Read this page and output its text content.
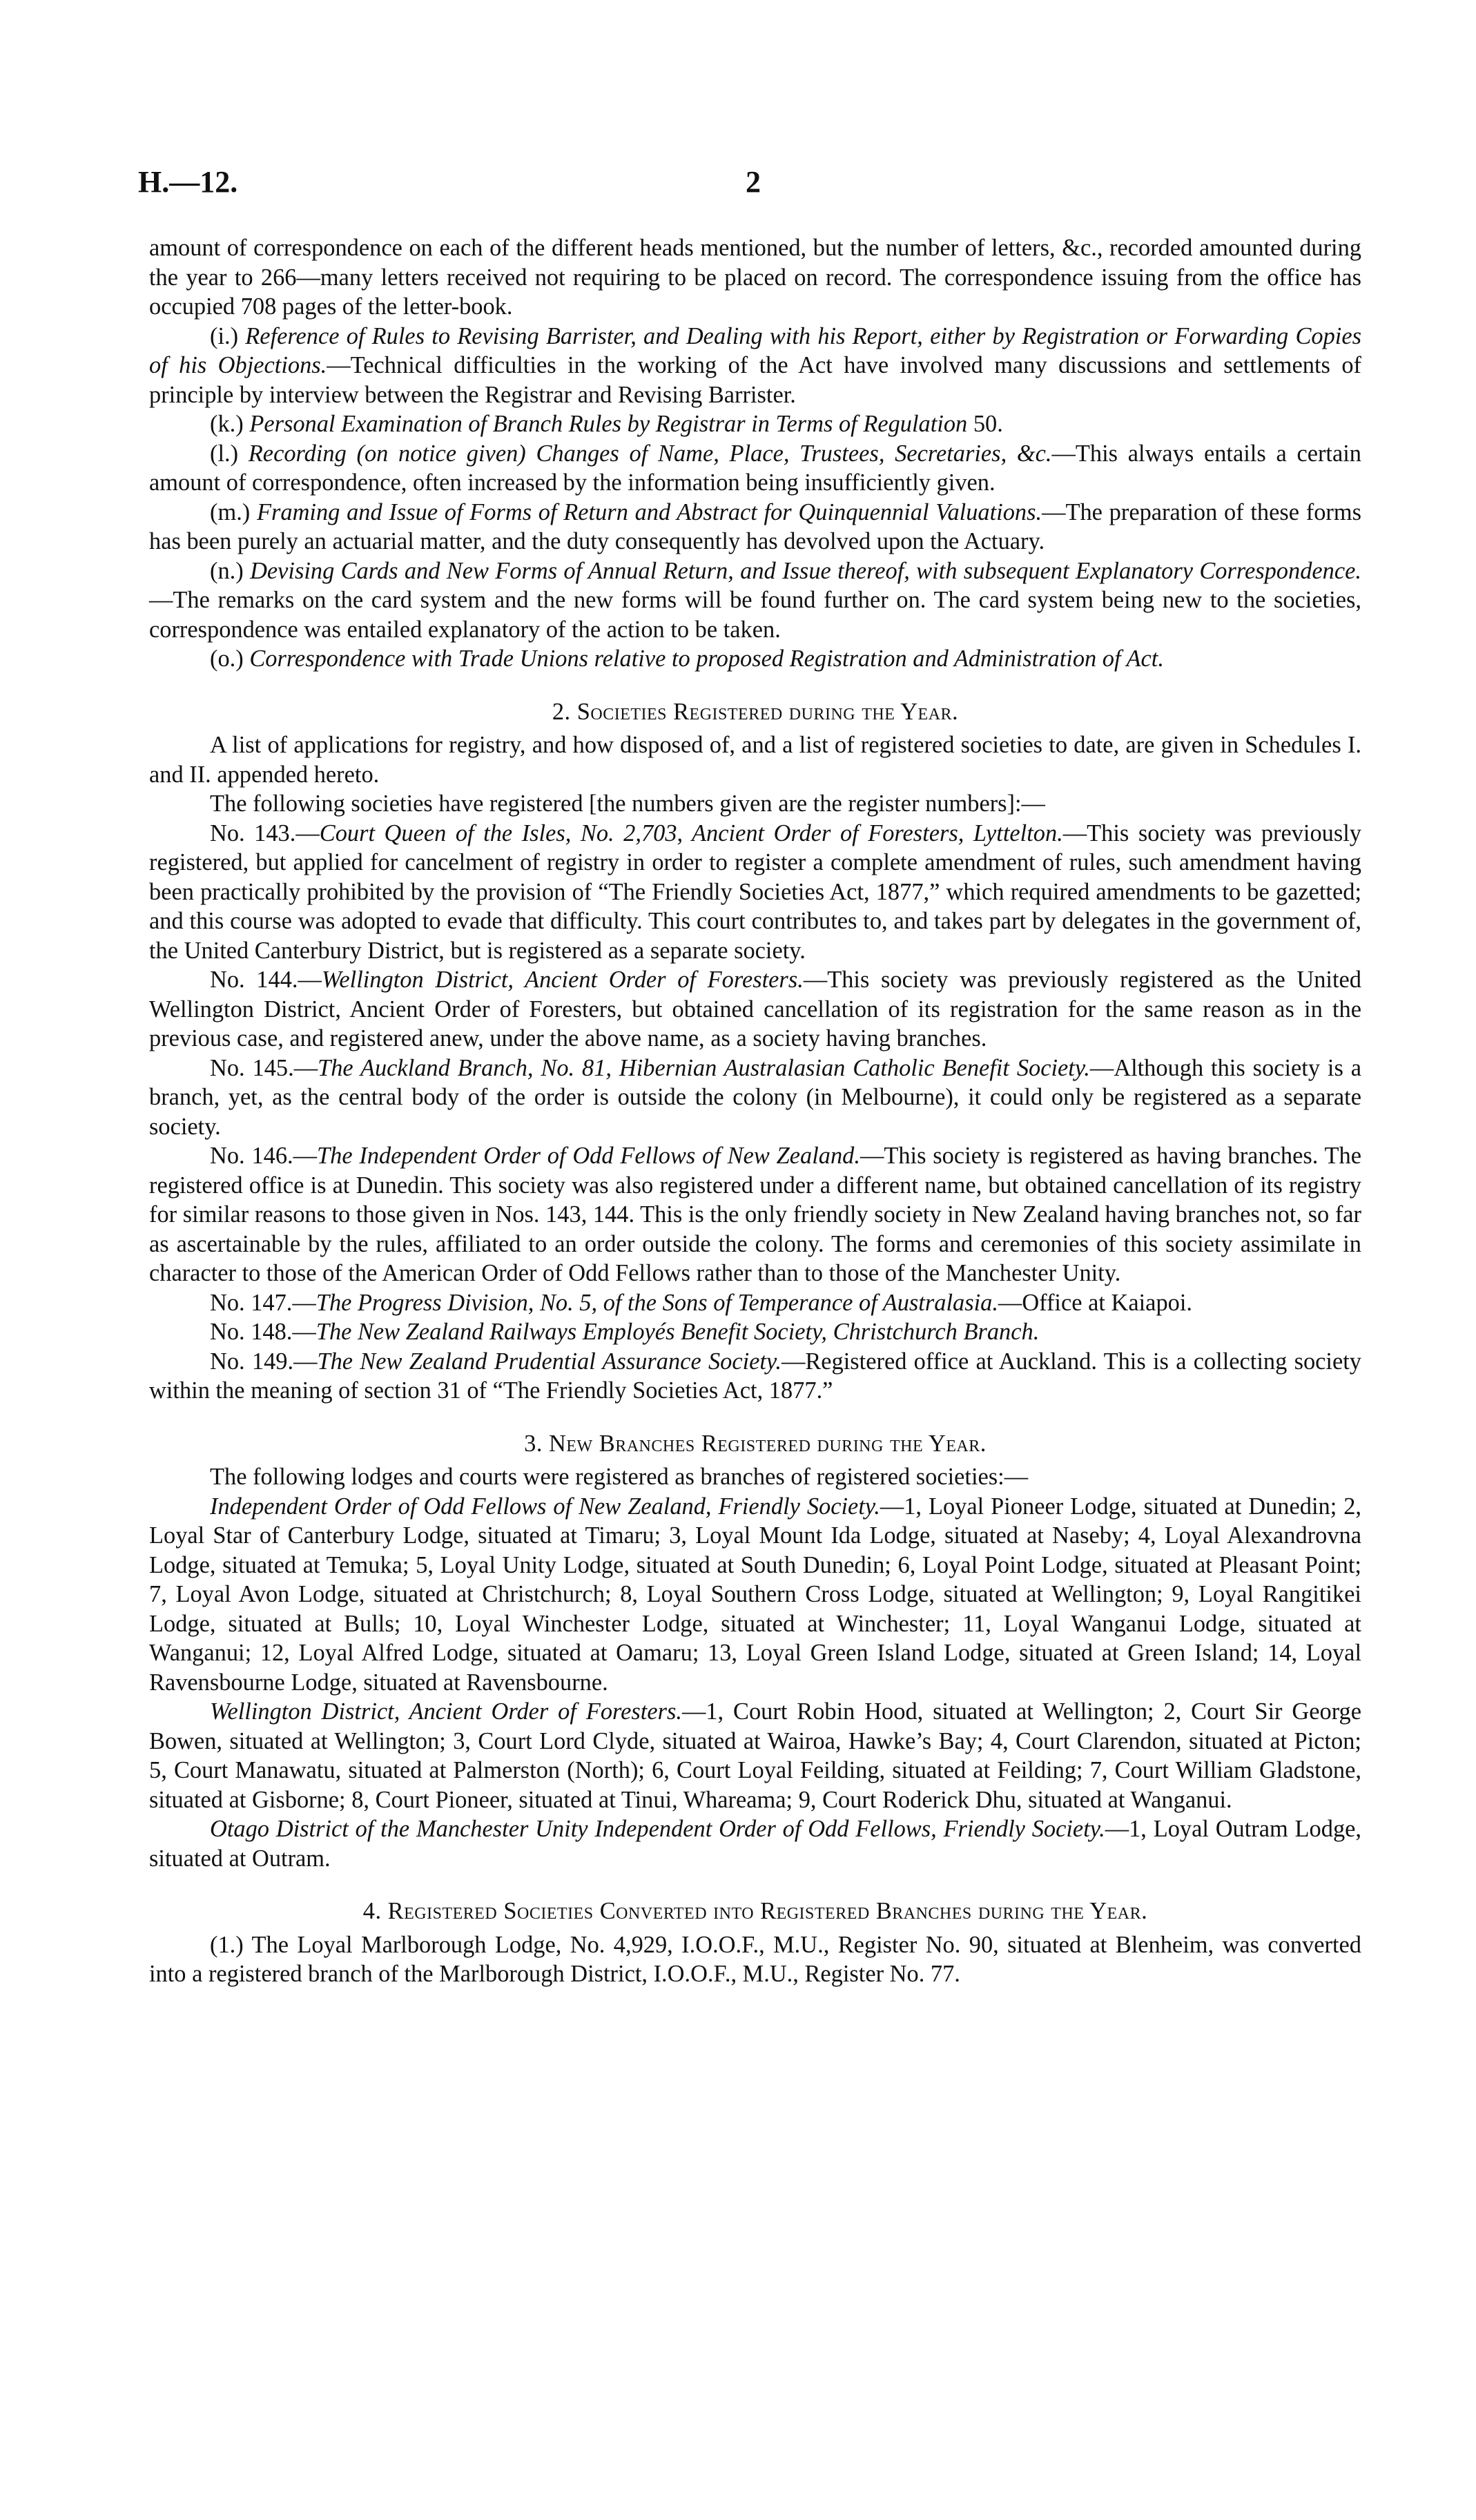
H.—12.	2

amount of correspondence on each of the different heads mentioned, but the number of letters, &c., recorded amounted during the year to 266—many letters received not requiring to be placed on record. The correspondence issuing from the office has occupied 708 pages of the letter-book.

(i.) Reference of Rules to Revising Barrister, and Dealing with his Report, either by Registration or Forwarding Copies of his Objections.—Technical difficulties in the working of the Act have involved many discussions and settlements of principle by interview between the Registrar and Revising Barrister.

(k.) Personal Examination of Branch Rules by Registrar in Terms of Regulation 50.

(l.) Recording (on notice given) Changes of Name, Place, Trustees, Secretaries, &c.—This always entails a certain amount of correspondence, often increased by the information being insufficiently given.

(m.) Framing and Issue of Forms of Return and Abstract for Quinquennial Valuations.—The preparation of these forms has been purely an actuarial matter, and the duty consequently has devolved upon the Actuary.

(n.) Devising Cards and New Forms of Annual Return, and Issue thereof, with subsequent Explanatory Correspondence.—The remarks on the card system and the new forms will be found further on. The card system being new to the societies, correspondence was entailed explanatory of the action to be taken.

(o.) Correspondence with Trade Unions relative to proposed Registration and Administration of Act.

2. Societies Registered during the Year.

A list of applications for registry, and how disposed of, and a list of registered societies to date, are given in Schedules I. and II. appended hereto.

The following societies have registered [the numbers given are the register numbers]:—

No. 143.—Court Queen of the Isles, No. 2,703, Ancient Order of Foresters, Lyttelton.—This society was previously registered, but applied for cancelment of registry in order to register a complete amendment of rules, such amendment having been practically prohibited by the provision of “The Friendly Societies Act, 1877,” which required amendments to be gazetted; and this course was adopted to evade that difficulty. This court contributes to, and takes part by delegates in the government of, the United Canterbury District, but is registered as a separate society.

No. 144.—Wellington District, Ancient Order of Foresters.—This society was previously registered as the United Wellington District, Ancient Order of Foresters, but obtained cancellation of its registration for the same reason as in the previous case, and registered anew, under the above name, as a society having branches.

No. 145.—The Auckland Branch, No. 81, Hibernian Australasian Catholic Benefit Society.—Although this society is a branch, yet, as the central body of the order is outside the colony (in Melbourne), it could only be registered as a separate society.

No. 146.—The Independent Order of Odd Fellows of New Zealand.—This society is registered as having branches. The registered office is at Dunedin. This society was also registered under a different name, but obtained cancellation of its registry for similar reasons to those given in Nos. 143, 144. This is the only friendly society in New Zealand having branches not, so far as ascertainable by the rules, affiliated to an order outside the colony. The forms and ceremonies of this society assimilate in character to those of the American Order of Odd Fellows rather than to those of the Manchester Unity.

No. 147.—The Progress Division, No. 5, of the Sons of Temperance of Australasia.—Office at Kaiapoi.

No. 148.—The New Zealand Railways Employés Benefit Society, Christchurch Branch.

No. 149.—The New Zealand Prudential Assurance Society.—Registered office at Auckland. This is a collecting society within the meaning of section 31 of “The Friendly Societies Act, 1877.”

3. New Branches Registered during the Year.

The following lodges and courts were registered as branches of registered societies:—

Independent Order of Odd Fellows of New Zealand, Friendly Society.—1, Loyal Pioneer Lodge, situated at Dunedin; 2, Loyal Star of Canterbury Lodge, situated at Timaru; 3, Loyal Mount Ida Lodge, situated at Naseby; 4, Loyal Alexandrovna Lodge, situated at Temuka; 5, Loyal Unity Lodge, situated at South Dunedin; 6, Loyal Point Lodge, situated at Pleasant Point; 7, Loyal Avon Lodge, situated at Christchurch; 8, Loyal Southern Cross Lodge, situated at Wellington; 9, Loyal Rangitikei Lodge, situated at Bulls; 10, Loyal Winchester Lodge, situated at Winchester; 11, Loyal Wanganui Lodge, situated at Wanganui; 12, Loyal Alfred Lodge, situated at Oamaru; 13, Loyal Green Island Lodge, situated at Green Island; 14, Loyal Ravensbourne Lodge, situated at Ravensbourne.

Wellington District, Ancient Order of Foresters.—1, Court Robin Hood, situated at Wellington; 2, Court Sir George Bowen, situated at Wellington; 3, Court Lord Clyde, situated at Wairoa, Hawke’s Bay; 4, Court Clarendon, situated at Picton; 5, Court Manawatu, situated at Palmerston (North); 6, Court Loyal Feilding, situated at Feilding; 7, Court William Gladstone, situated at Gisborne; 8, Court Pioneer, situated at Tinui, Whareama; 9, Court Roderick Dhu, situated at Wanganui.

Otago District of the Manchester Unity Independent Order of Odd Fellows, Friendly Society.—1, Loyal Outram Lodge, situated at Outram.

4. Registered Societies Converted into Registered Branches during the Year.

(1.) The Loyal Marlborough Lodge, No. 4,929, I.O.O.F., M.U., Register No. 90, situated at Blenheim, was converted into a registered branch of the Marlborough District, I.O.O.F., M.U., Register No. 77.
